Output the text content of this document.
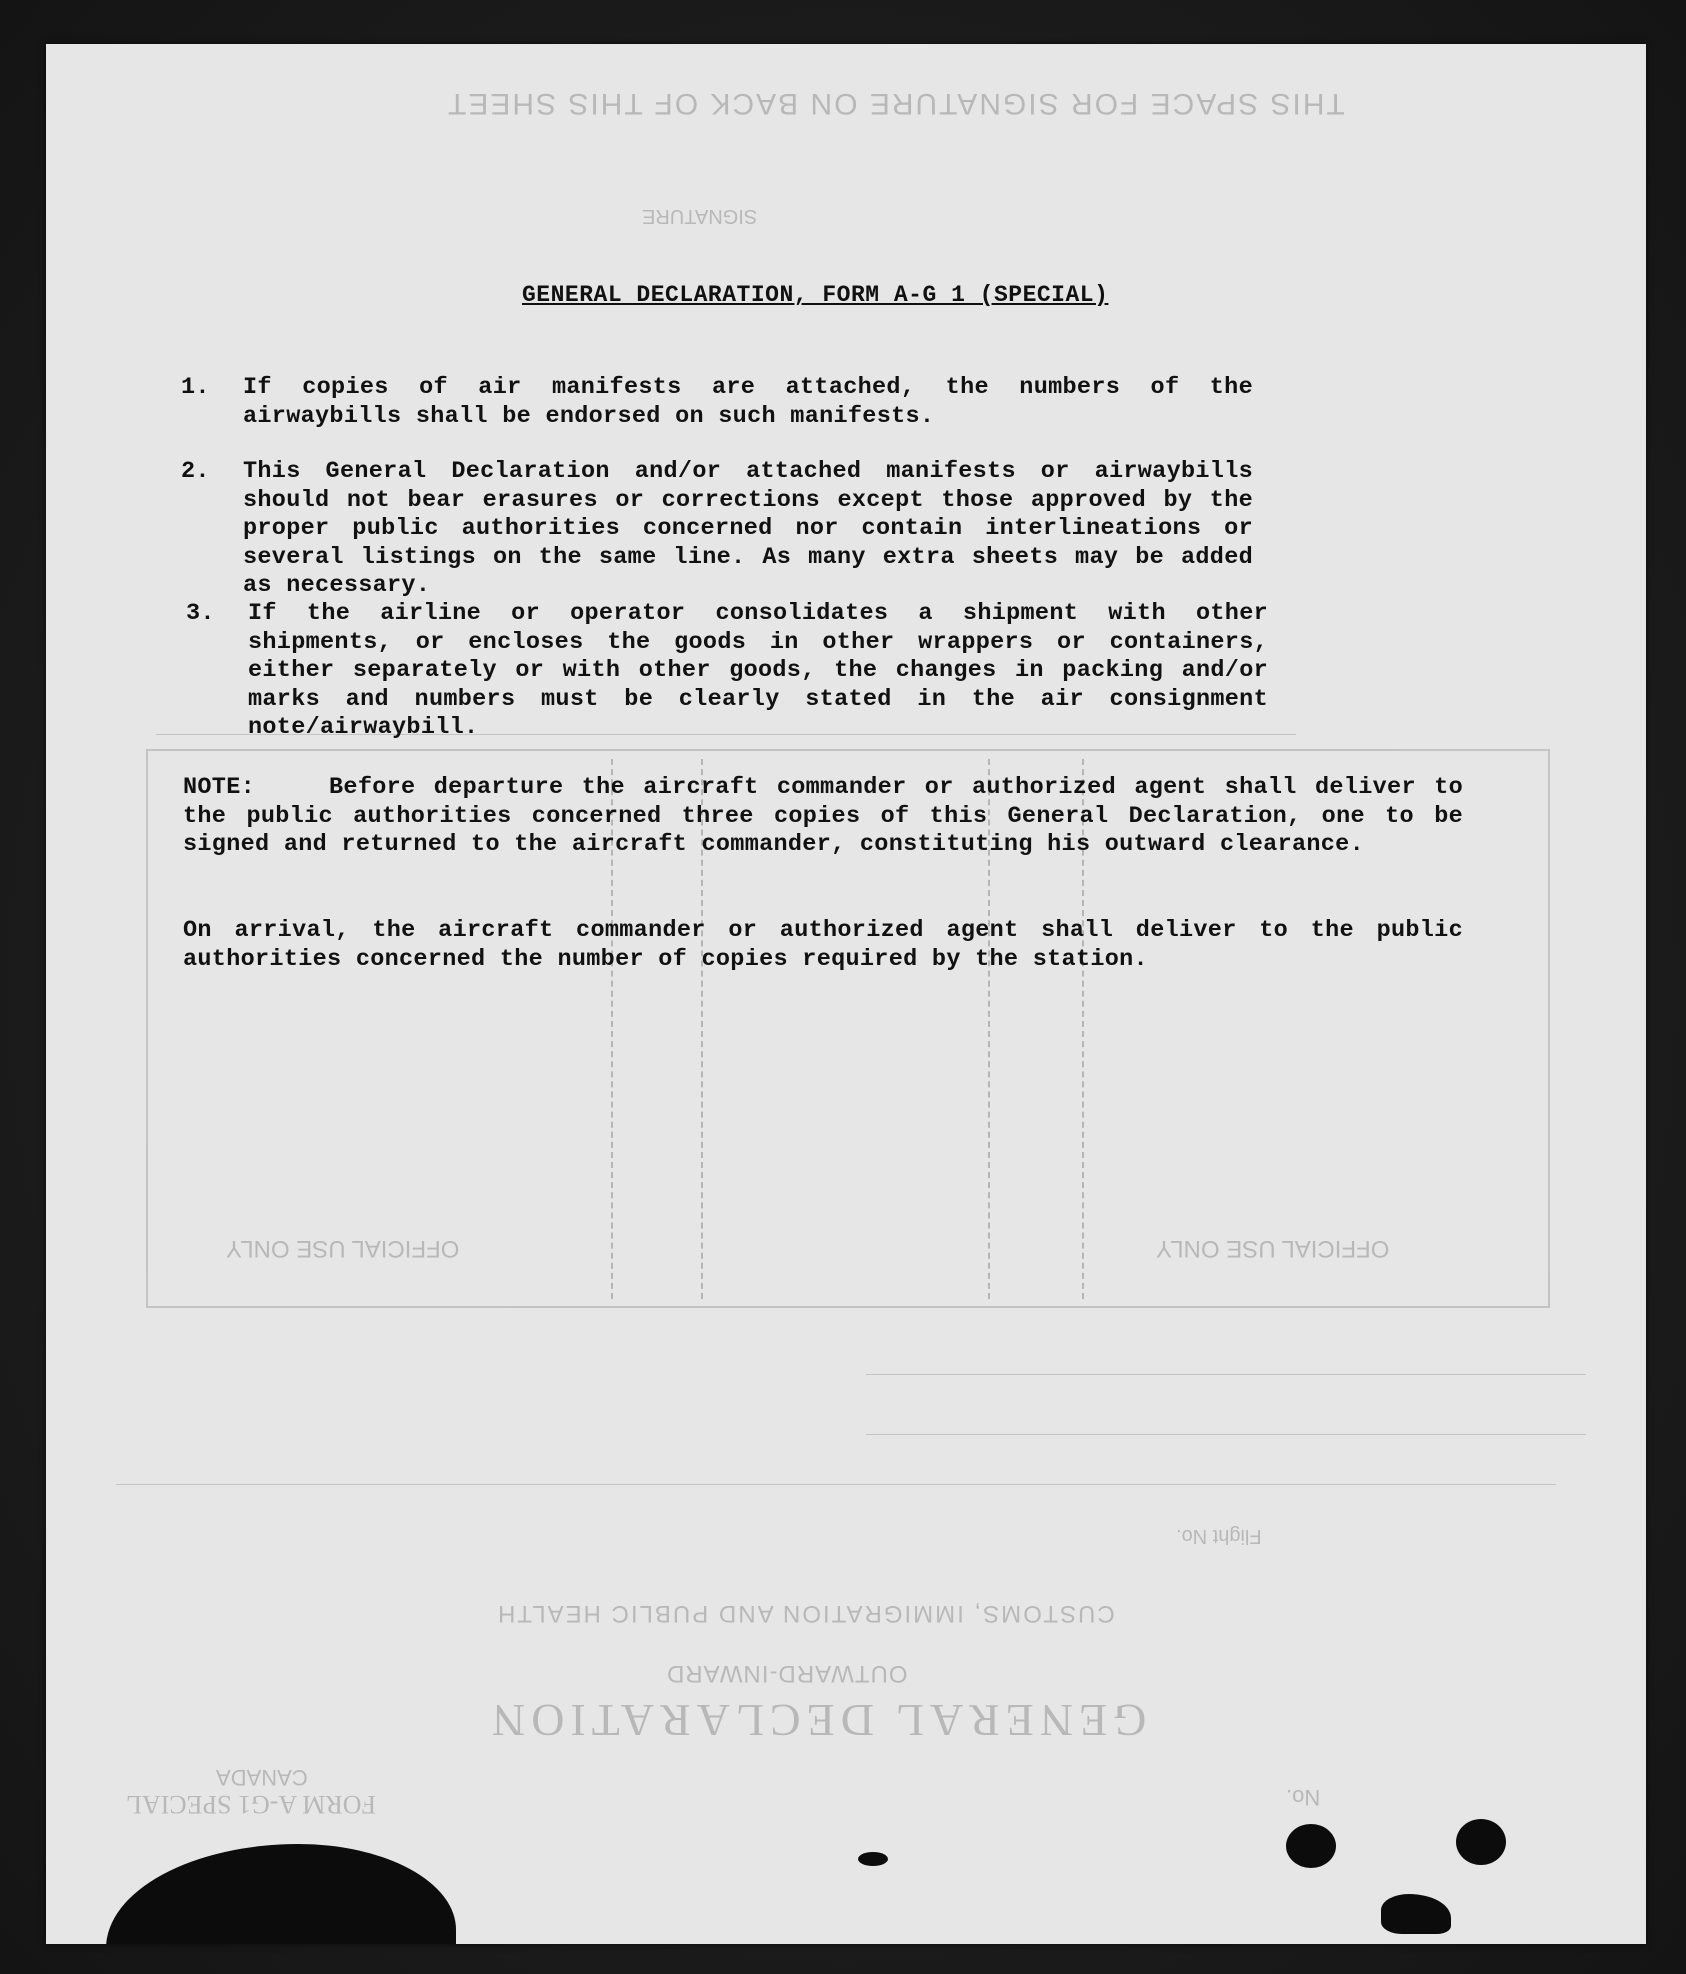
THIS SPACE FOR SIGNATURE ON BACK OF THIS SHEET
SIGNATURE
OFFICIAL USE ONLY	OFFICIAL USE ONLY
Flight No.
CUSTOMS, IMMIGRATION AND PUBLIC HEALTH
OUTWARD-INWARD
GENERAL DECLARATION
CANADA
FORM A-G1 SPECIAL	No.
GENERAL DECLARATION, FORM A-G 1 (SPECIAL)
1. If copies of air manifests are attached, the numbers of the airwaybills shall be endorsed on such manifests.
2. This General Declaration and/or attached manifests or airwaybills should not bear erasures or corrections except those approved by the proper public authorities concerned nor contain interlineations or several listings on the same line. As many extra sheets may be added as necessary.
3. If the airline or operator consolidates a shipment with other shipments, or encloses the goods in other wrappers or containers, either separately or with other goods, the changes in packing and/or marks and numbers must be clearly stated in the air consignment note/airwaybill.
NOTE:	Before departure the aircraft commander or authorized agent shall deliver to the public authorities concerned three copies of this General Declaration, one to be signed and returned to the aircraft commander, constituting his outward clearance.
On arrival, the aircraft commander or authorized agent shall deliver to the public authorities concerned the number of copies required by the station.
